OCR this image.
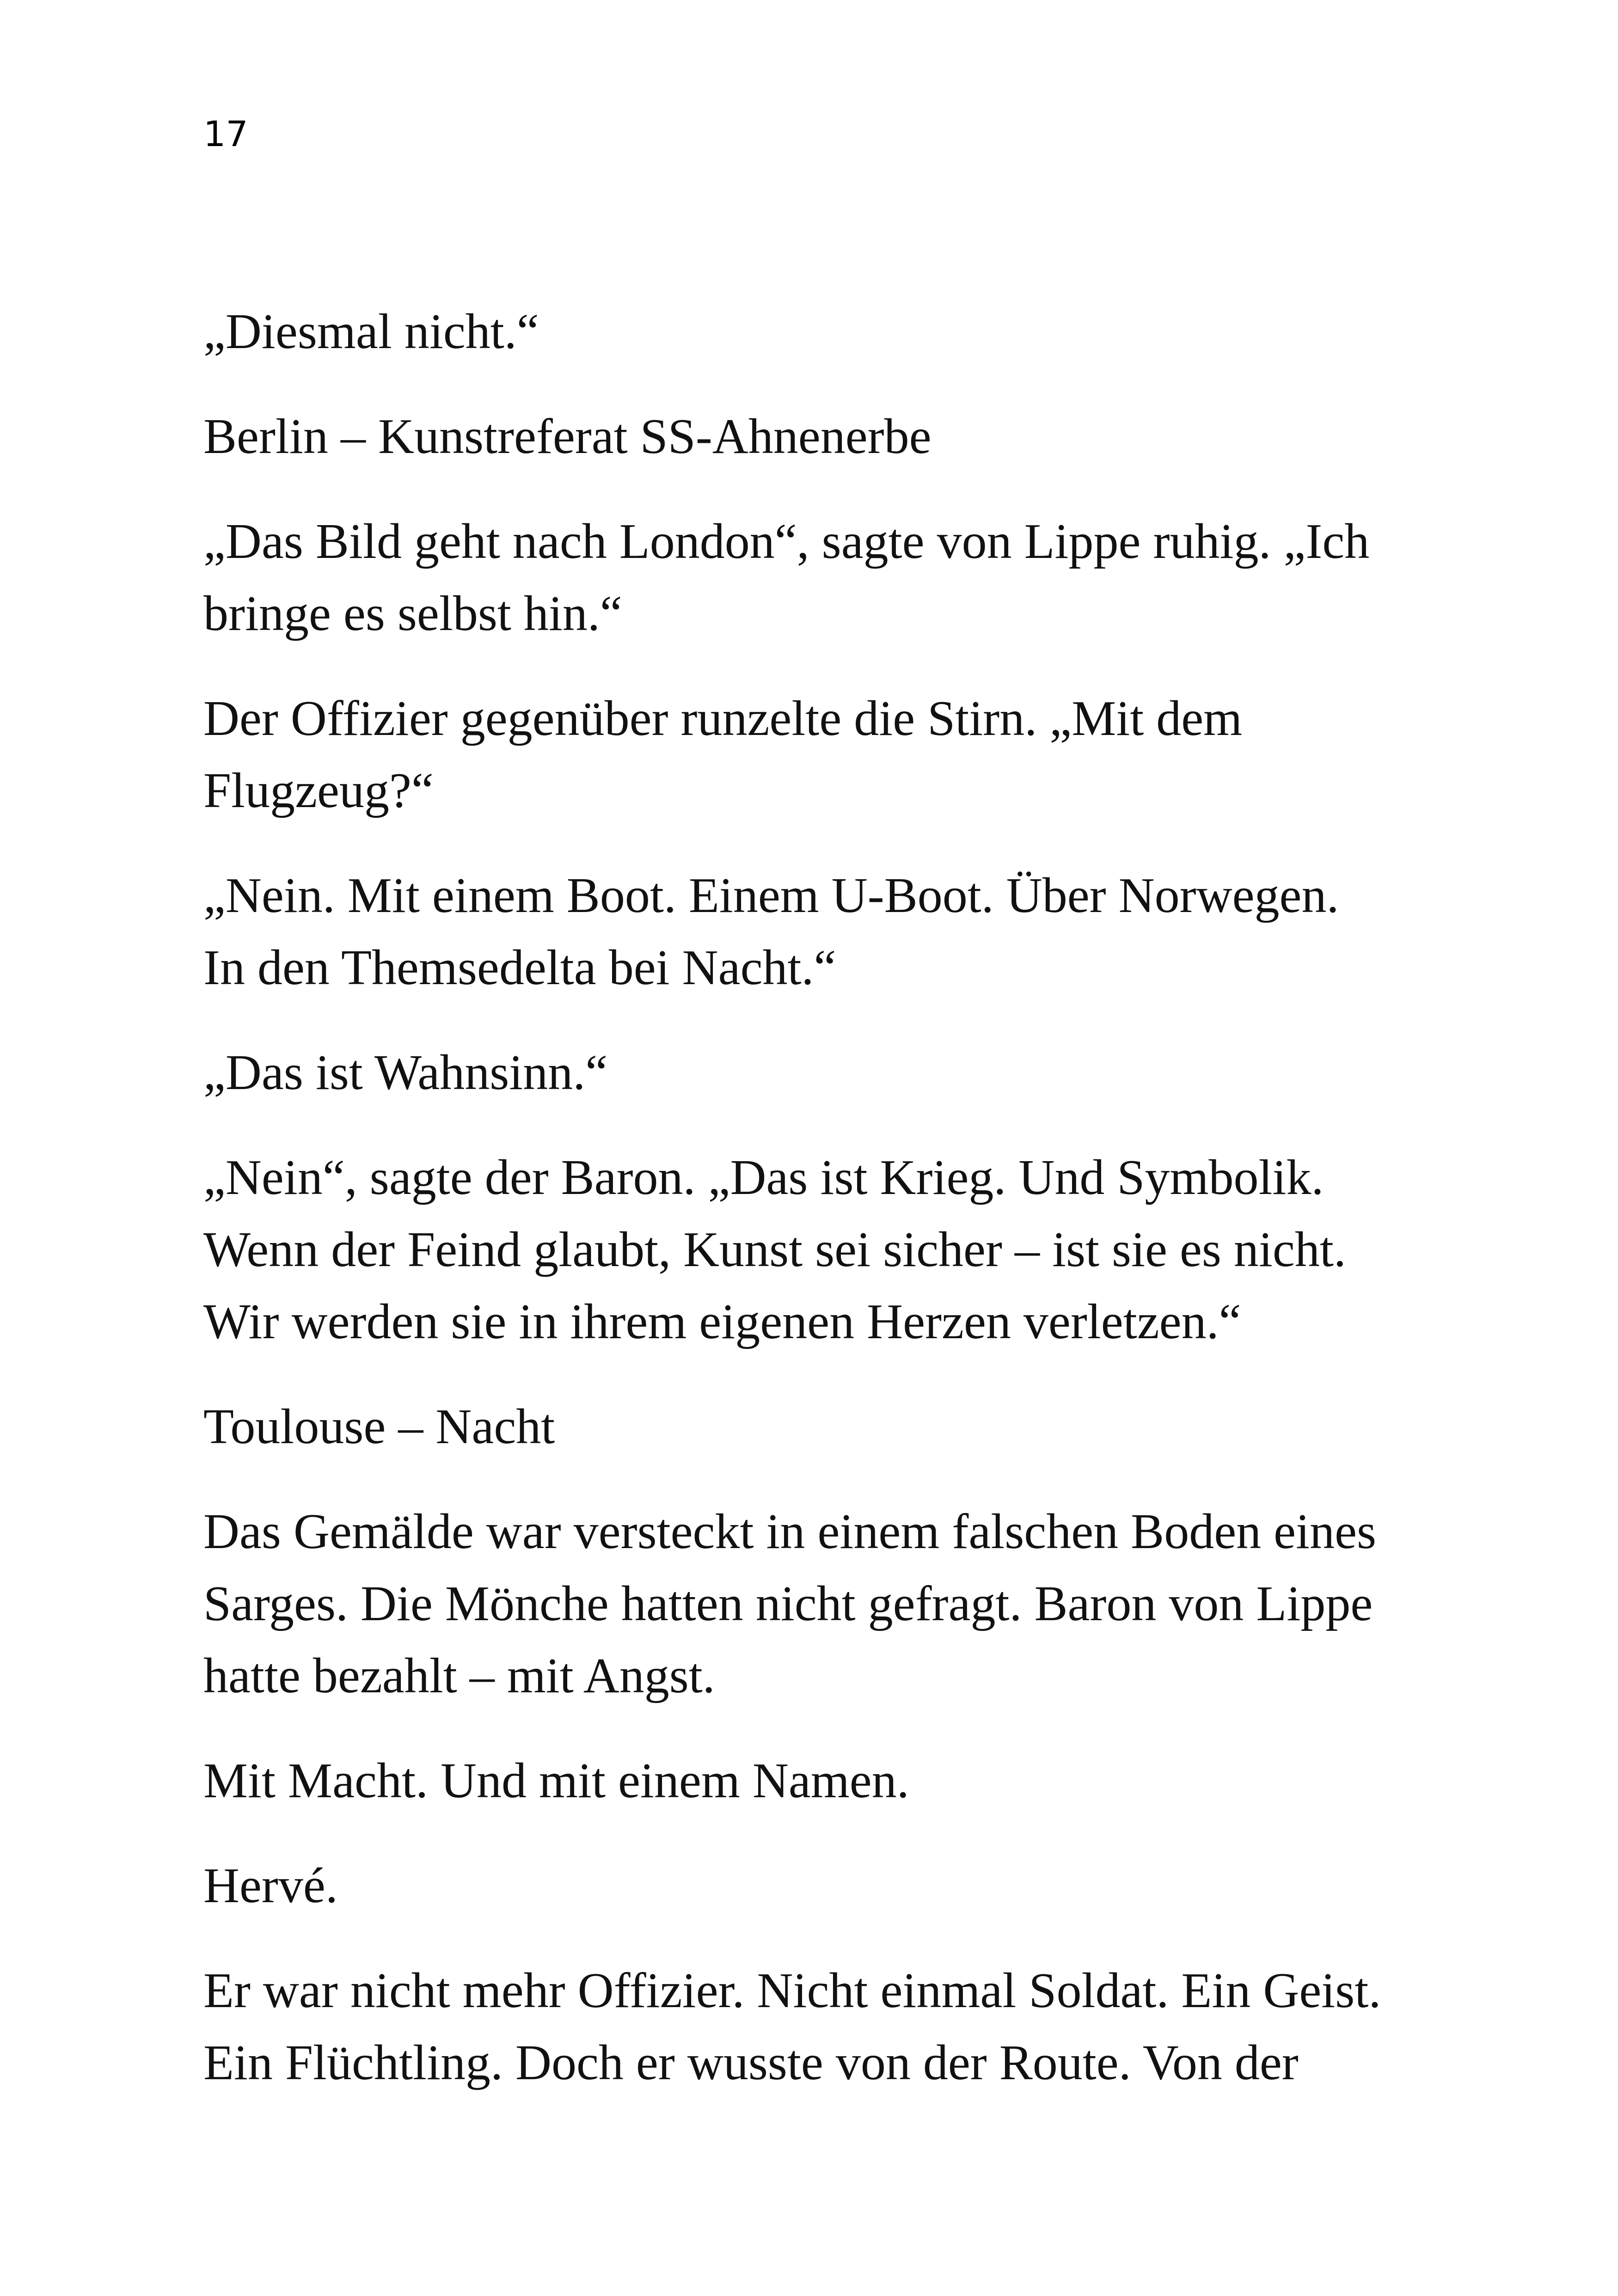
17

„Diesmal nicht.“

Berlin – Kunstreferat SS-Ahnenerbe

„Das Bild geht nach London“, sagte von Lippe ruhig. „Ich
bringe es selbst hin.“

Der Offizier gegenüber runzelte die Stirn. „Mit dem
Flugzeug?“

„Nein. Mit einem Boot. Einem U-Boot. Über Norwegen.
In den Themsedelta bei Nacht.“

„Das ist Wahnsinn.“

„Nein“, sagte der Baron. „Das ist Krieg. Und Symbolik.
Wenn der Feind glaubt, Kunst sei sicher – ist sie es nicht.
Wir werden sie in ihrem eigenen Herzen verletzen.“

Toulouse – Nacht

Das Gemälde war versteckt in einem falschen Boden eines
Sarges. Die Mönche hatten nicht gefragt. Baron von Lippe
hatte bezahlt – mit Angst.

Mit Macht. Und mit einem Namen.

Hervé.

Er war nicht mehr Offizier. Nicht einmal Soldat. Ein Geist.
Ein Flüchtling. Doch er wusste von der Route. Von der
